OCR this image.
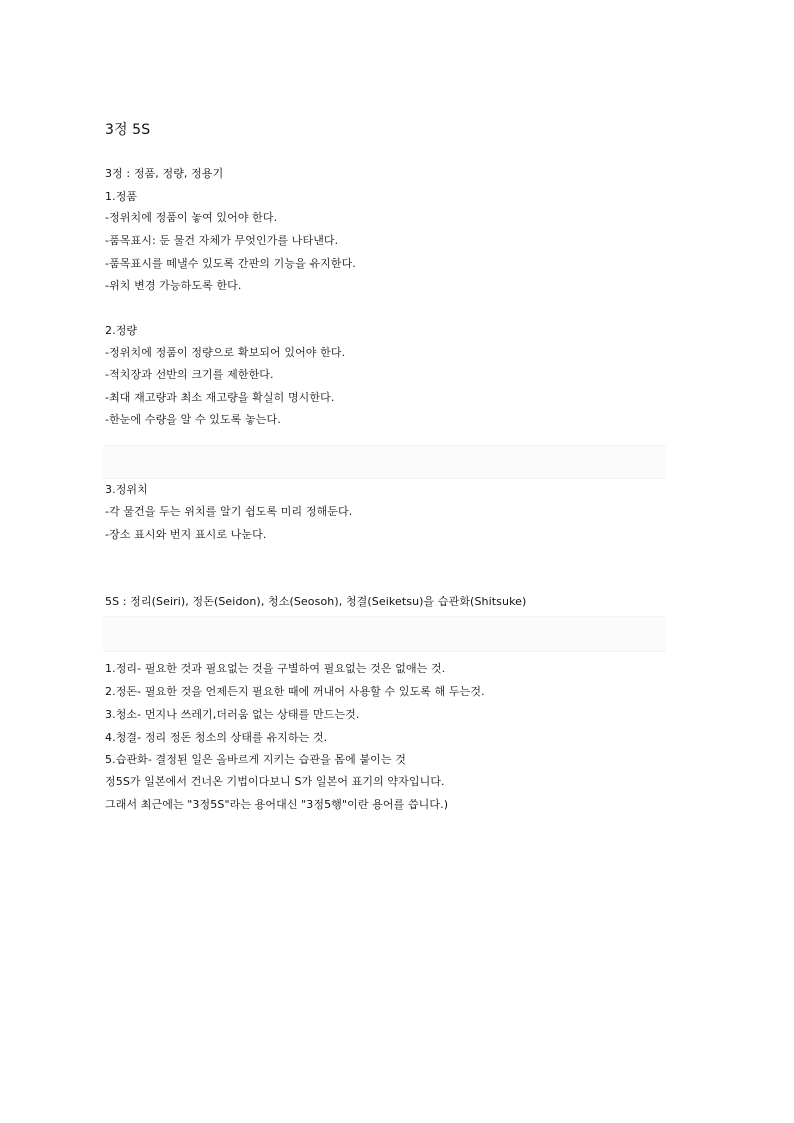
3정 5S
3정 : 정품, 정량, 정용기
1.정품
-정위치에 정품이 놓여 있어야 한다.
-품목표시: 둔 물건 자체가 무엇인가를 나타낸다.
-품목표시를 떼낼수 있도록 간판의 기능을 유지한다.
-위치 변경 가능하도록 한다.
2.정량
-정위치에 정품이 정량으로 확보되어 있어야 한다.
-적치장과 선반의 크기를 제한한다.
-최대 재고량과 최소 재고량을 확실히 명시한다.
-한눈에 수량을 알 수 있도록 놓는다.
3.정위치
-각 물건을 두는 위치를 알기 쉽도록 미리 정해둔다.
-장소 표시와 번지 표시로 나눈다.
5S : 정리(Seiri), 정돈(Seidon), 청소(Seosoh), 청결(Seiketsu)을 습관화(Shitsuke)
1.정리- 필요한 것과 필요없는 것을 구별하여 필요없는 것은 없애는 것.
2.정돈- 필요한 것을 언제든지 필요한 때에 꺼내어 사용할 수 있도록 해 두는것.
3.청소- 먼지나 쓰레기,더러움 없는 상태를 만드는것.
4.청결- 정리 정돈 청소의 상태를 유지하는 것.
5.습관화- 결정된 일은 올바르게 지키는 습관을 몸에 붙이는 것
정5S가 일본에서 건너온 기법이다보니 S가 일본어 표기의 약자입니다.
그래서 최근에는 "3정5S"라는 용어대신 "3정5행"이란 용어를 씁니다.)
